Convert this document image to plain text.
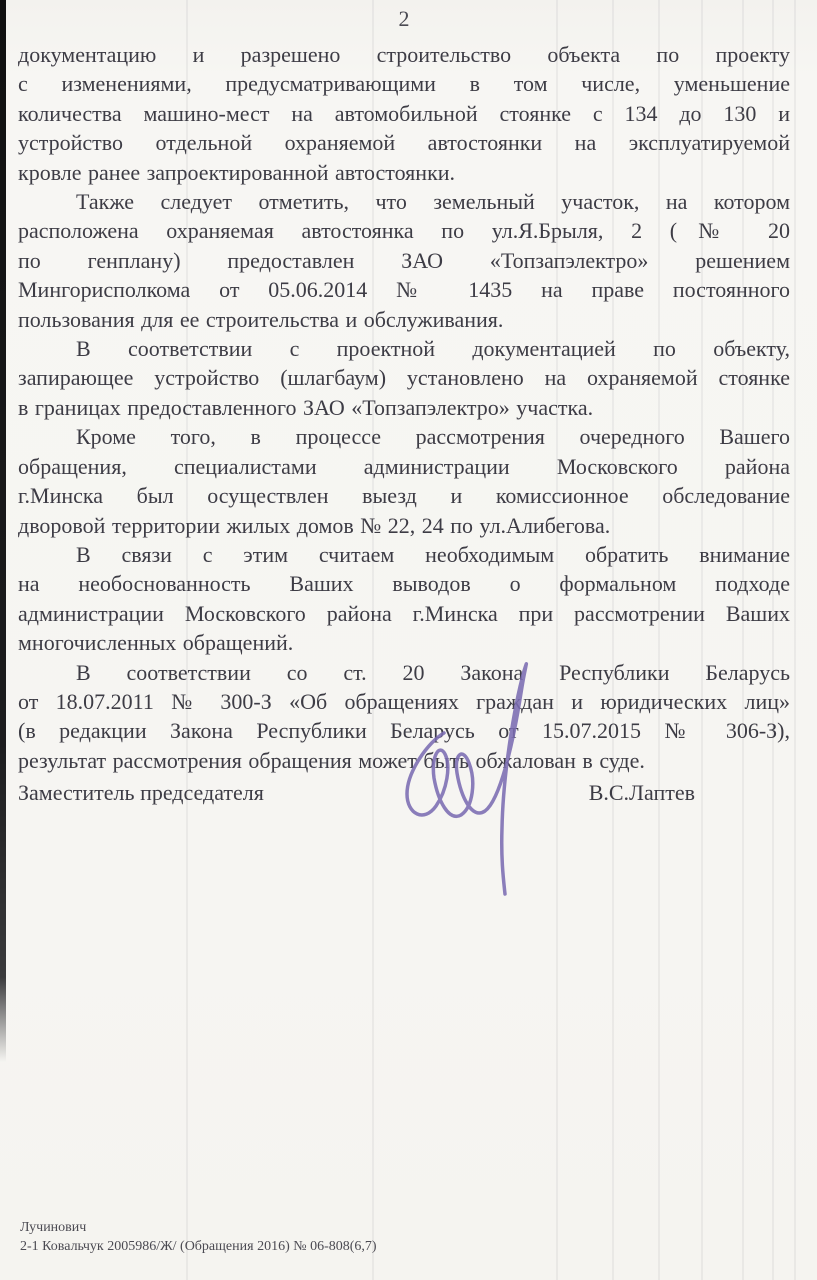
2
документацию и разрешено строительство объекта по проекту
с изменениями, предусматривающими в том числе, уменьшение
количества машино-мест на автомобильной стоянке с 134 до 130 и
устройство отдельной охраняемой автостоянки на эксплуатируемой
кровле ранее запроектированной автостоянки.
Также следует отметить, что земельный участок, на котором
расположена охраняемая автостоянка по ул.Я.Брыля, 2 (№ 20
по генплану) предоставлен ЗАО «Топзапэлектро» решением
Мингорисполкома от 05.06.2014 № 1435 на праве постоянного
пользования для ее строительства и обслуживания.
В соответствии с проектной документацией по объекту,
запирающее устройство (шлагбаум) установлено на охраняемой стоянке
в границах предоставленного ЗАО «Топзапэлектро» участка.
Кроме того, в процессе рассмотрения очередного Вашего
обращения, специалистами администрации Московского района
г.Минска был осуществлен выезд и комиссионное обследование
дворовой территории жилых домов № 22, 24 по ул.Алибегова.
В связи с этим считаем необходимым обратить внимание
на необоснованность Ваших выводов о формальном подходе
администрации Московского района г.Минска при рассмотрении Ваших
многочисленных обращений.
В соответствии со ст. 20 Закона Республики Беларусь
от 18.07.2011 № 300-З «Об обращениях граждан и юридических лиц»
(в редакции Закона Республики Беларусь от 15.07.2015 № 306-З),
результат рассмотрения обращения может быть обжалован в суде.
Заместитель председателя	В.С.Лаптев
Лучинович
2-1 Ковальчук 2005986/Ж/ (Обращения 2016) № 06-808(6,7)
